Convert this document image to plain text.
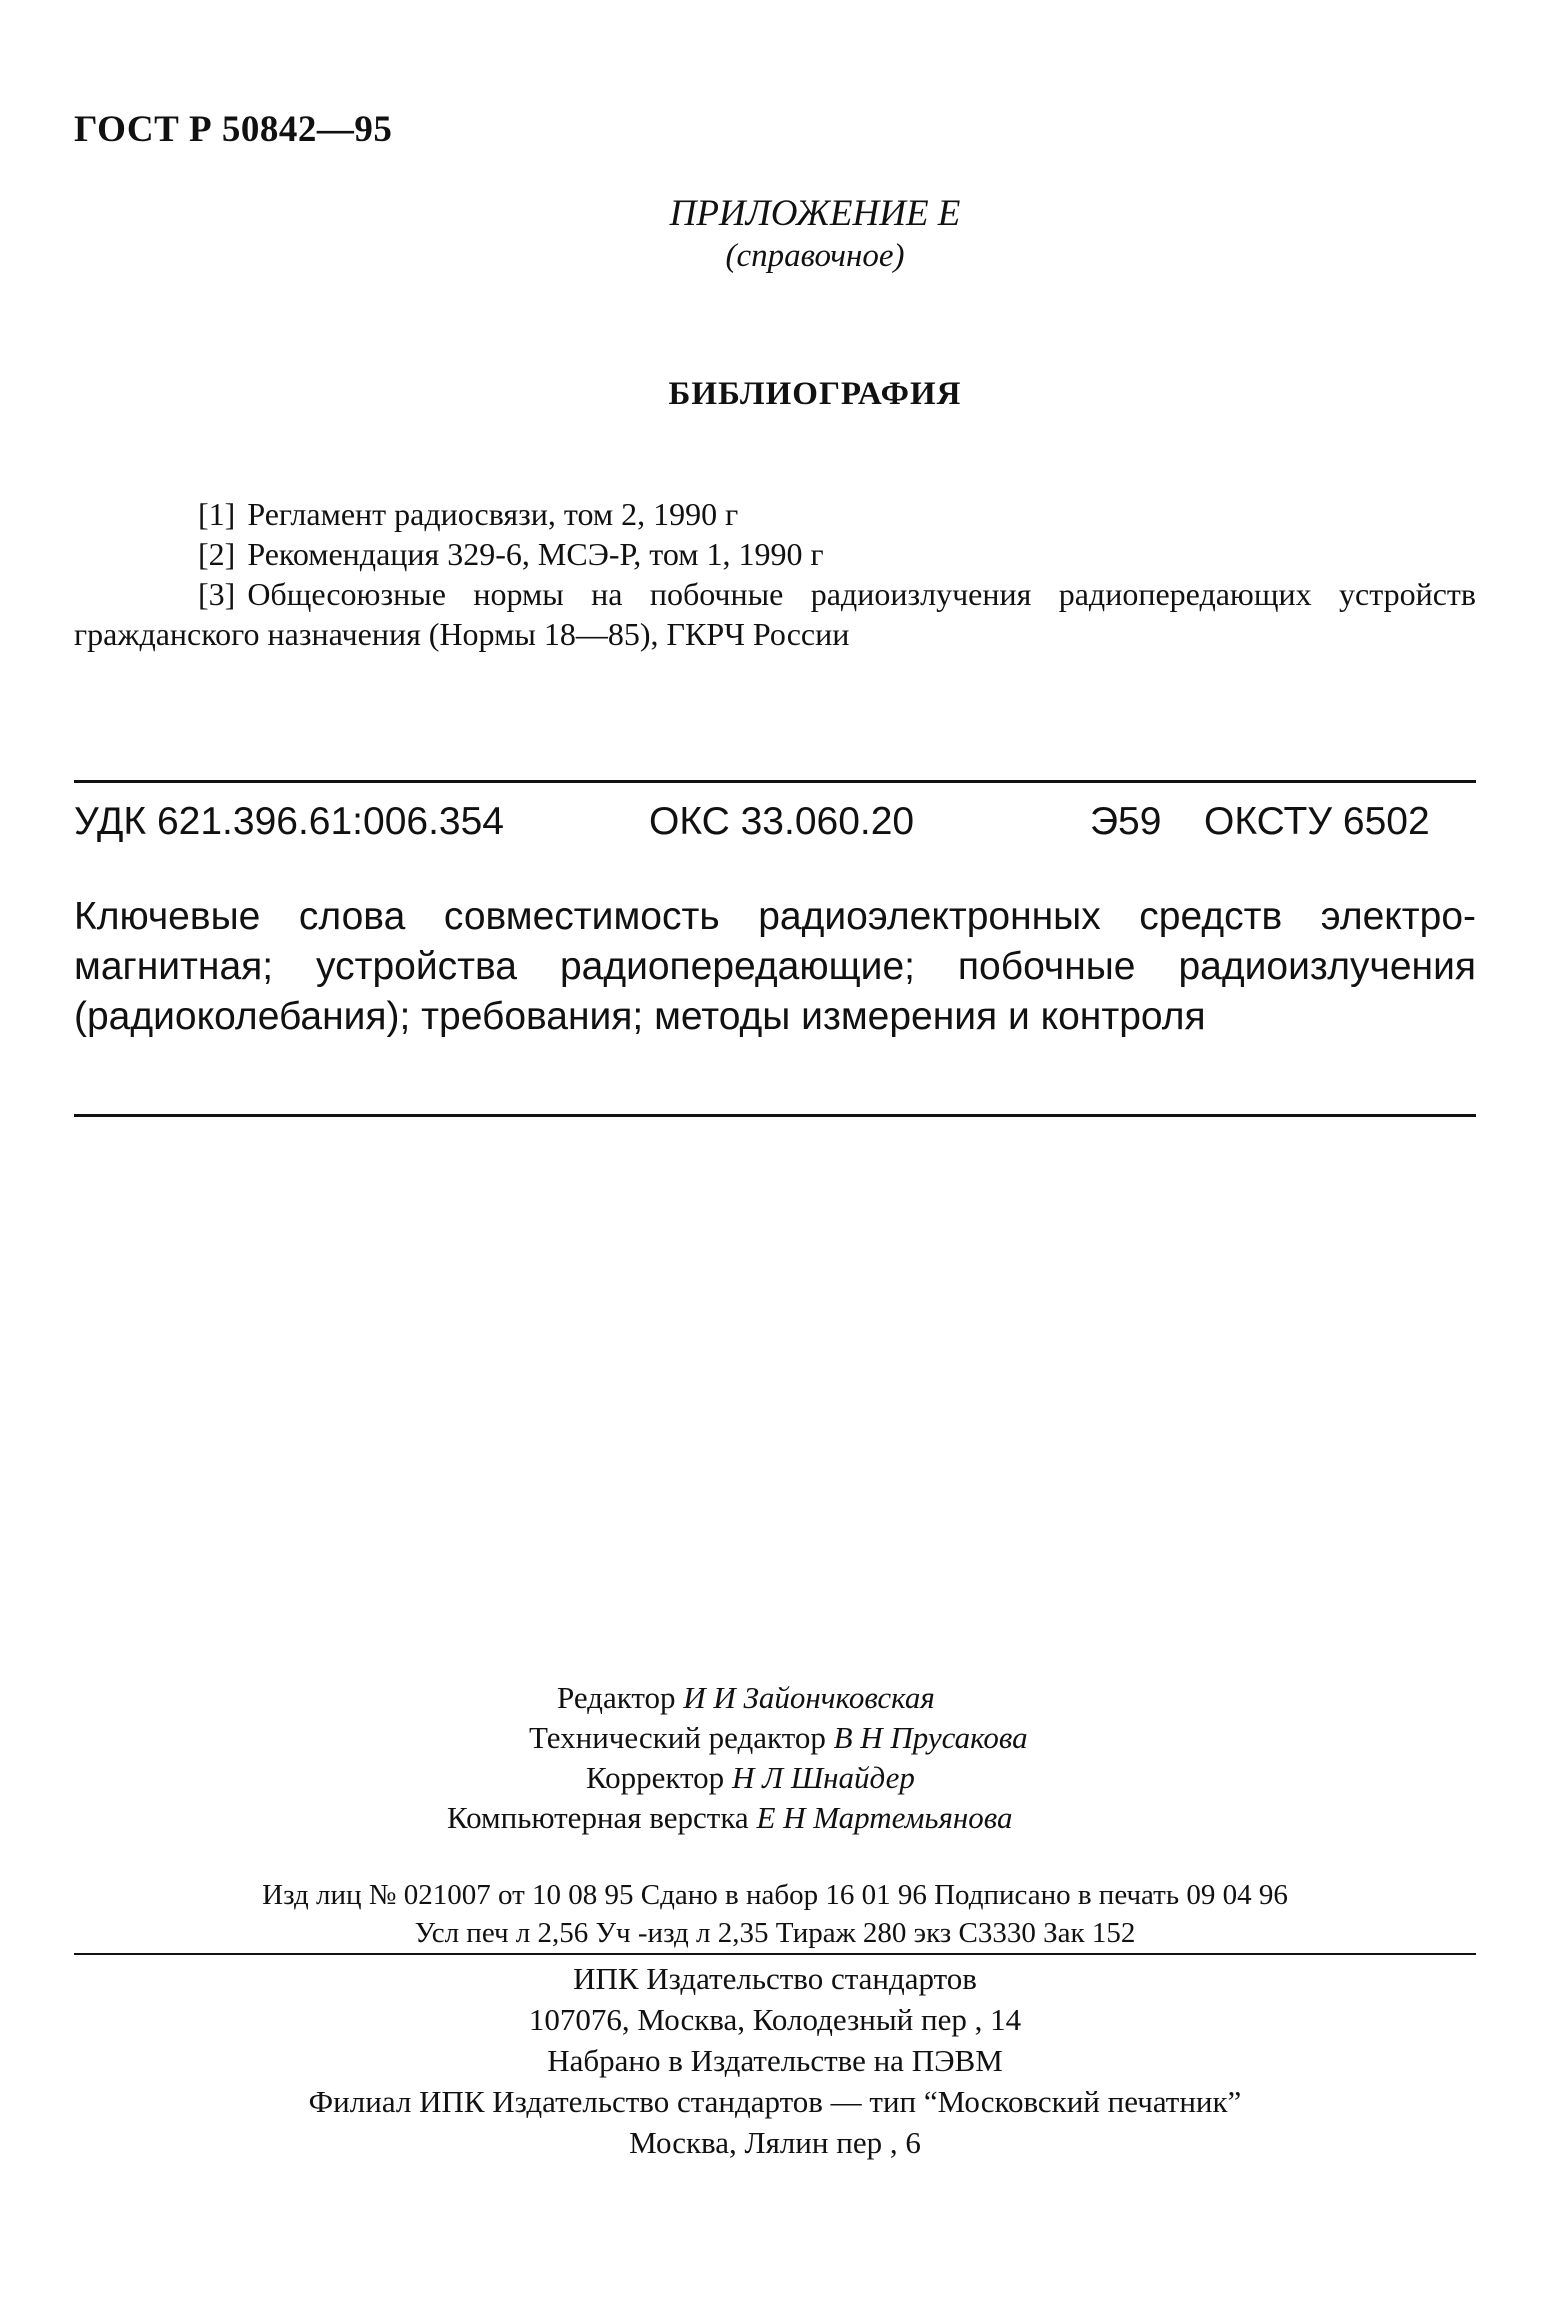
ГОСТ Р 50842—95
ПРИЛОЖЕНИЕ Е
(справочное)
БИБЛИОГРАФИЯ
[1] Регламент радиосвязи, том 2, 1990 г
[2] Рекомендация 329-6, МСЭ-Р, том 1, 1990 г
[3] Общесоюзные нормы на побочные радиоизлучения радиопередающих устройств гражданского назначения (Нормы 18—85), ГКРЧ России
УДК 621.396.61:006.354	ОКС 33.060.20	Э59 ОКСТУ 6502
Ключевые слова совместимость радиоэлектронных средств электро-
магнитная; устройства радиопередающие; побочные радиоизлучения
(радиоколебания); требования; методы измерения и контроля
Редактор И И Зайончковская
Технический редактор В Н Прусакова
Корректор Н Л Шнайдер
Компьютерная верстка Е Н Мартемьянова
Изд лиц № 021007 от 10 08 95 Сдано в набор 16 01 96 Подписано в печать 09 04 96
Усл печ л 2,56 Уч -изд л 2,35 Тираж 280 экз С3330 Зак 152
ИПК Издательство стандартов
107076, Москва, Колодезный пер , 14
Набрано в Издательстве на ПЭВМ
Филиал ИПК Издательство стандартов — тип “Московский печатник”
Москва, Лялин пер , 6
